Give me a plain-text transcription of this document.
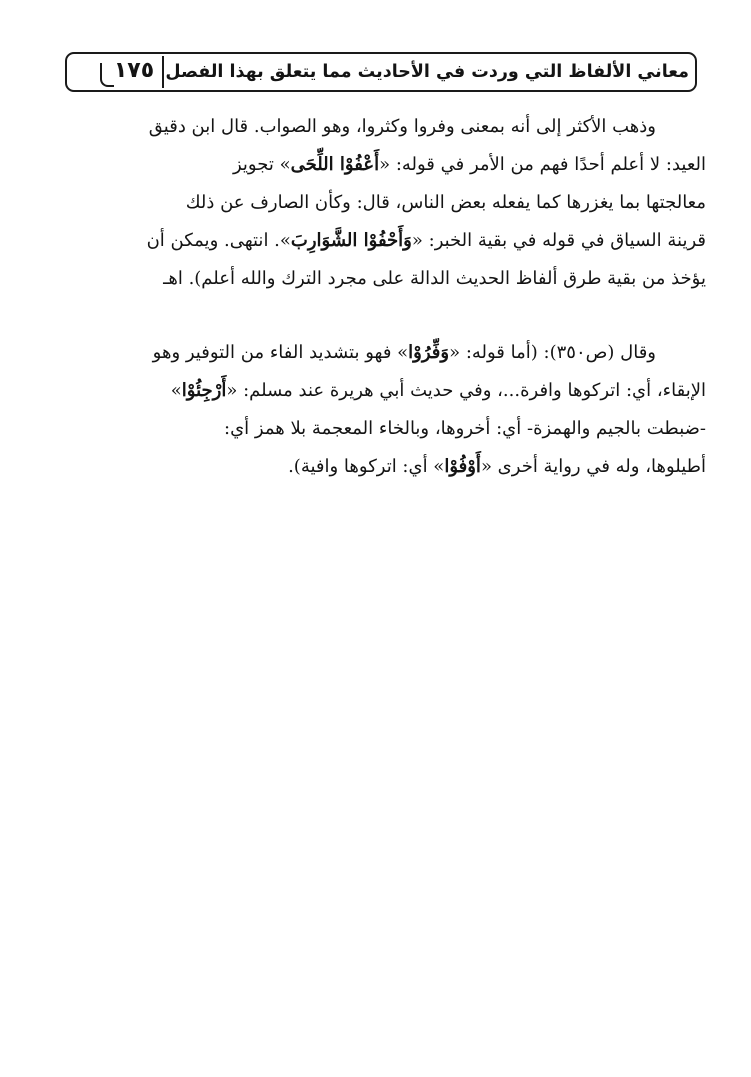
معاني الألفاظ التي وردت في الأحاديث مما يتعلق بهذا الفصل
١٧٥
وذهب الأكثر إلى أنه بمعنى وفروا وكثروا، وهو الصواب. قال ابن دقيق
العيد: لا أعلم أحدًا فهم من الأمر في قوله: «أَعْفُوْا اللِّحَى» تجويز
معالجتها بما يغزرها كما يفعله بعض الناس، قال: وكأن الصارف عن ذلك
قرينة السياق في قوله في بقية الخبر: «وَأَحْفُوْا الشَّوَارِبَ». انتهى. ويمكن أن
يؤخذ من بقية طرق ألفاظ الحديث الدالة على مجرد الترك والله أعلم). اهـ
وقال (ص٣٥٠): (أما قوله: «وَفِّرُوْا» فهو بتشديد الفاء من التوفير وهو
الإبقاء، أي: اتركوها وافرة...، وفي حديث أبي هريرة عند مسلم: «أَرْجِئُوْا»
-ضبطت بالجيم والهمزة- أي: أخروها، وبالخاء المعجمة بلا همز أي:
أطيلوها، وله في رواية أخرى «أَوْفُوْا» أي: اتركوها وافية).
